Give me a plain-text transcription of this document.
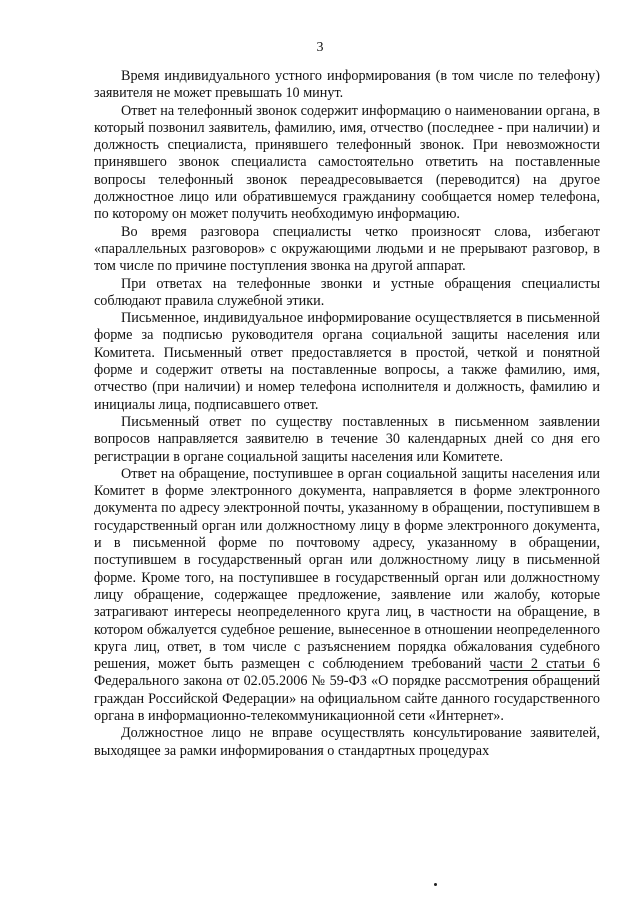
3

Время индивидуального устного информирования (в том числе по телефону) заявителя не может превышать 10 минут.

Ответ на телефонный звонок содержит информацию о наименовании органа, в который позвонил заявитель, фамилию, имя, отчество (последнее - при наличии) и должность специалиста, принявшего телефонный звонок. При невозможности принявшего звонок специалиста самостоятельно ответить на поставленные вопросы телефонный звонок переадресовывается (переводится) на другое должностное лицо или обратившемуся гражданину сообщается номер телефона, по которому он может получить необходимую информацию.

Во время разговора специалисты четко произносят слова, избегают «параллельных разговоров» с окружающими людьми и не прерывают разговор, в том числе по причине поступления звонка на другой аппарат.

При ответах на телефонные звонки и устные обращения специалисты соблюдают правила служебной этики.

Письменное, индивидуальное информирование осуществляется в письменной форме за подписью руководителя органа социальной защиты населения или Комитета. Письменный ответ предоставляется в простой, четкой и понятной форме и содержит ответы на поставленные вопросы, а также фамилию, имя, отчество (при наличии) и номер телефона исполнителя и должность, фамилию и инициалы лица, подписавшего ответ.

Письменный ответ по существу поставленных в письменном заявлении вопросов направляется заявителю в течение 30 календарных дней со дня его регистрации в органе социальной защиты населения или Комитете.

Ответ на обращение, поступившее в орган социальной защиты населения или Комитет в форме электронного документа, направляется в форме электронного документа по адресу электронной почты, указанному в обращении, поступившем в государственный орган или должностному лицу в форме электронного документа, и в письменной форме по почтовому адресу, указанному в обращении, поступившем в государственный орган или должностному лицу в письменной форме. Кроме того, на поступившее в государственный орган или должностному лицу обращение, содержащее предложение, заявление или жалобу, которые затрагивают интересы неопределенного круга лиц, в частности на обращение, в котором обжалуется судебное решение, вынесенное в отношении неопределенного круга лиц, ответ, в том числе с разъяснением порядка обжалования судебного решения, может быть размещен с соблюдением требований части 2 статьи 6 Федерального закона от 02.05.2006 № 59-ФЗ «О порядке рассмотрения обращений граждан Российской Федерации» на официальном сайте данного государственного органа в информационно-телекоммуникационной сети «Интернет».

Должностное лицо не вправе осуществлять консультирование заявителей, выходящее за рамки информирования о стандартных процедурах
